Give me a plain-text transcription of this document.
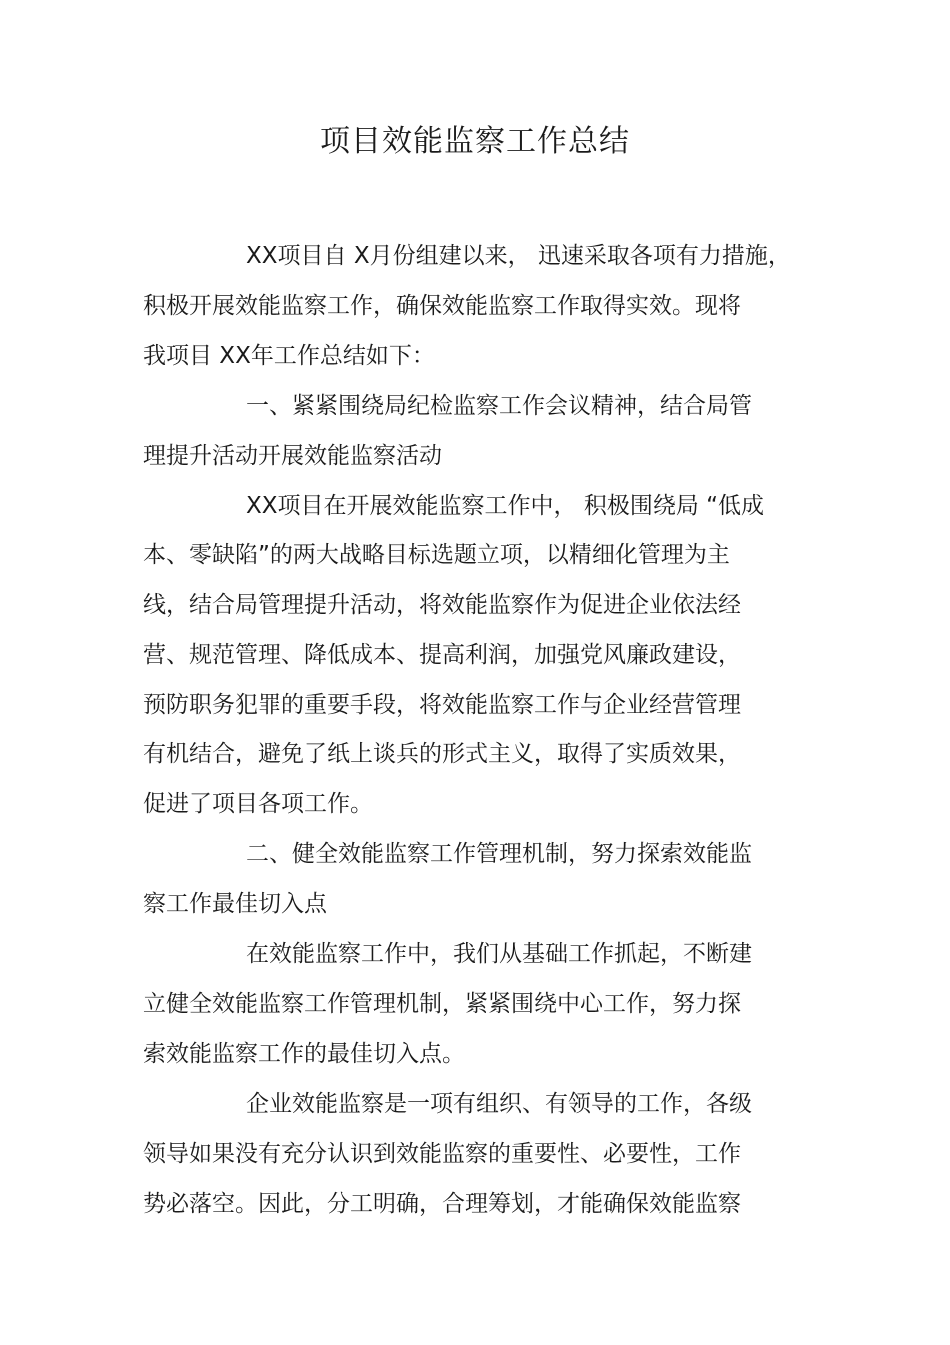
项目效能监察工作总结

XX项目自 X月份组建以来， 迅速采取各项有力措施，

积极开展效能监察工作，确保效能监察工作取得实效。现将

我项目 XX年工作总结如下：

一、紧紧围绕局纪检监察工作会议精神，结合局管

理提升活动开展效能监察活动

XX项目在开展效能监察工作中， 积极围绕局 “低成

本、零缺陷”的两大战略目标选题立项，以精细化管理为主

线，结合局管理提升活动，将效能监察作为促进企业依法经

营、规范管理、降低成本、提高利润，加强党风廉政建设，

预防职务犯罪的重要手段，将效能监察工作与企业经营管理

有机结合，避免了纸上谈兵的形式主义，取得了实质效果，

促进了项目各项工作。

二、健全效能监察工作管理机制，努力探索效能监

察工作最佳切入点

在效能监察工作中，我们从基础工作抓起，不断建

立健全效能监察工作管理机制，紧紧围绕中心工作，努力探

索效能监察工作的最佳切入点。

企业效能监察是一项有组织、有领导的工作，各级

领导如果没有充分认识到效能监察的重要性、必要性，工作

势必落空。因此，分工明确，合理筹划，才能确保效能监察
